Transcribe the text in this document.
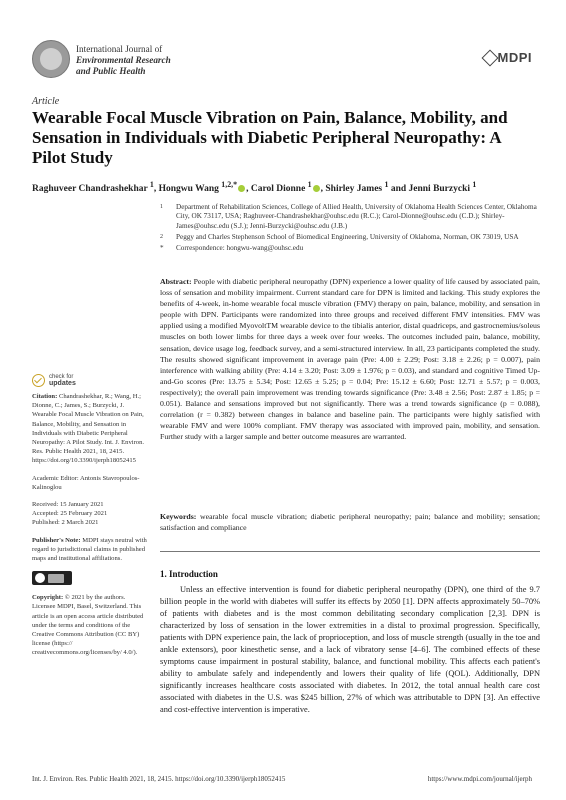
International Journal of
Environmental Research
and Public Health
MDPI
Article
Wearable Focal Muscle Vibration on Pain, Balance, Mobility, and Sensation in Individuals with Diabetic Peripheral Neuropathy: A Pilot Study
Raghuveer Chandrashekhar $^1$, Hongwu Wang $^{1,2,*}$ , Carol Dionne $^1$ , Shirley James $^1$ and Jenni Burzycki $^1$
1 Department of Rehabilitation Sciences, College of Allied Health, University of Oklahoma Health Sciences Center, Oklahoma City, OK 73117, USA; Raghuveer-Chandrashekhar@ouhsc.edu (R.C.); Carol-Dionne@ouhsc.edu (C.D.); Shirley-James@ouhsc.edu (S.J.); Jenni-Burzycki@ouhsc.edu (J.B.)
2 Peggy and Charles Stephenson School of Biomedical Engineering, University of Oklahoma, Norman, OK 73019, USA
* Correspondence: hongwu-wang@ouhsc.edu
Abstract: People with diabetic peripheral neuropathy (DPN) experience a lower quality of life caused by associated pain, loss of sensation and mobility impairment. Current standard care for DPN is limited and lacking. This study explores the benefits of 4-week, in-home wearable focal muscle vibration (FMV) therapy on pain, balance, mobility, and sensation in people with DPN. Participants were randomized into three groups and received different FMV intensities. FMV was applied using a modified MyovoltTM wearable device to the tibialis anterior, distal quadriceps, and gastrocnemius/soleus muscles on both lower limbs for three days a week over four weeks. The outcomes included pain, balance, mobility, sensation, device usage log, feedback survey, and a semi-structured interview. In all, 23 participants completed the study. The results showed significant improvement in average pain (Pre: 4.00 ± 2.29; Post: 3.18 ± 2.26; p = 0.007), pain interference with walking ability (Pre: 4.14 ± 3.20; Post: 3.09 ± 1.976; p = 0.03), and standard and cognitive Timed Up-and-Go scores (Pre: 13.75 ± 5.34; Post: 12.65 ± 5.25; p = 0.04; Pre: 15.12 ± 6.60; Post: 12.71 ± 5.57; p = 0.003, respectively); the overall pain improvement was trending towards significance (Pre: 3.48 ± 2.56; Post: 2.87 ± 1.85; p = 0.051). Balance and sensations improved but not significantly. There was a trend towards significance (p = 0.088), correlation (r = 0.382) between changes in balance and baseline pain. The participants were highly satisfied with wearable FMV and were 100% compliant. FMV therapy was associated with improved pain, mobility, and sensation. Further study with a larger sample and better outcome measures are warranted.
Keywords: wearable focal muscle vibration; diabetic peripheral neuropathy; pain; balance and mobility; sensation; satisfaction and compliance
check for
updates

Citation: Chandrashekhar, R.; Wang, H.; Dionne, C.; James, S.; Burzycki, J. Wearable Focal Muscle Vibration on Pain, Balance, Mobility, and Sensation in Individuals with Diabetic Peripheral Neuropathy: A Pilot Study. Int. J. Environ. Res. Public Health 2021, 18, 2415. https://doi.org/10.3390/ijerph18052415

Academic Editor: Antonis Stavropoulos-Kalinoglou

Received: 15 January 2021
Accepted: 25 February 2021
Published: 2 March 2021

Publisher's Note: MDPI stays neutral with regard to jurisdictional claims in published maps and institutional affiliations.

Copyright: © 2021 by the authors. Licensee MDPI, Basel, Switzerland. This article is an open access article distributed under the terms and conditions of the Creative Commons Attribution (CC BY) license (https:// creativecommons.org/licenses/by/ 4.0/).

1. Introduction
Unless an effective intervention is found for diabetic peripheral neuropathy (DPN), one third of the 9.7 billion people in the world with diabetes will suffer its effects by 2050 [1]. DPN affects approximately 50–70% of patients with diabetes and is the most common debilitating secondary complication [2,3]. DPN is characterized by loss of sensation in the lower extremities in a distal to proximal progression. Specifically, patients with DPN experience pain, the lack of proprioception, and loss of muscle strength (usually in the toe and ankle extensors), poor kinesthetic sense, and a lack of vibratory sense [4–6]. The combined effects of these symptoms cause impairment in postural stability, balance, and functional mobility. This affects each patient's ability to ambulate safely and independently and lowers their quality of life (QOL). Additionally, DPN significantly increases healthcare costs associated with diabetes. In 2012, the total annual health care cost associated with diabetes in the U.S. was $245 billion, 27% of which was attributable to DPN [3]. An effective and cost-effective intervention is imperative.
Int. J. Environ. Res. Public Health 2021, 18, 2415. https://doi.org/10.3390/ijerph18052415	https://www.mdpi.com/journal/ijerph
